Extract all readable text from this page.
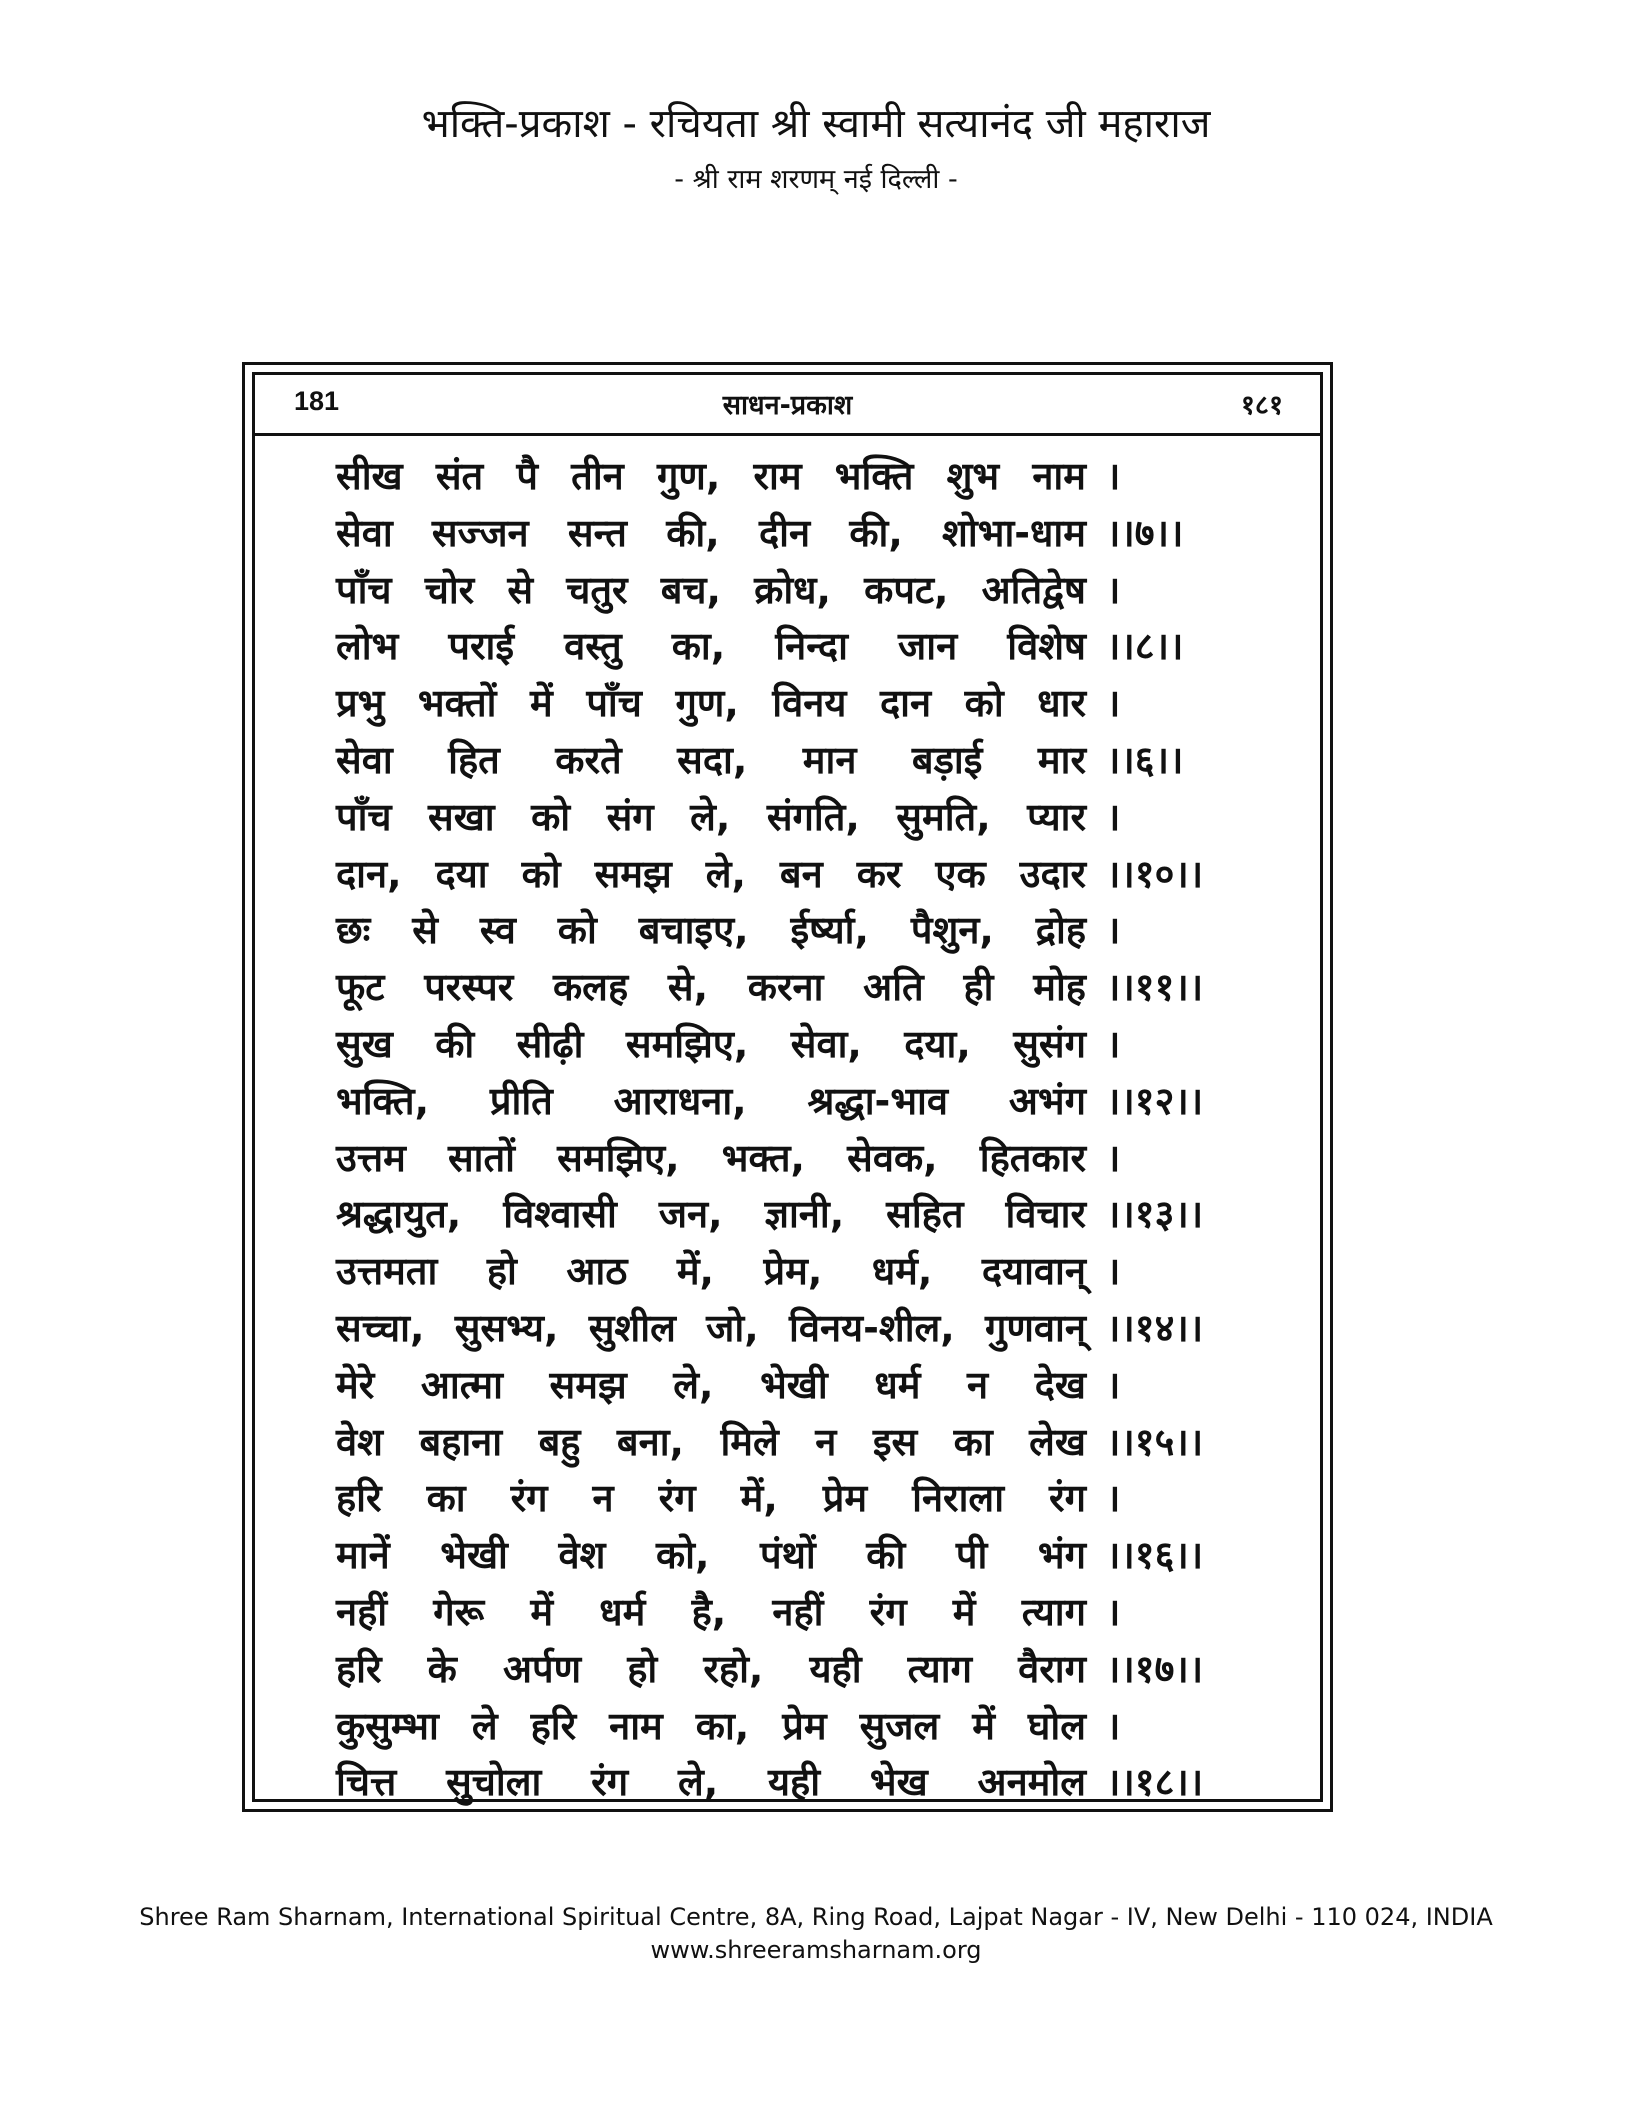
भक्ति-प्रकाश - रचियता श्री स्वामी सत्यानंद जी महाराज
- श्री राम शरणम् नई दिल्ली -
181	साधन-प्रकाश	१८१
सीख संत पै तीन गुण, राम भक्ति शुभ नाम ।
सेवा सज्जन सन्त की, दीन की, शोभा-धाम ।।७।।
पाँच चोर से चतुर बच, क्रोध, कपट, अतिद्वेष ।
लोभ पराई वस्तु का, निन्दा जान विशेष ।।८।।
प्रभु भक्तों में पाँच गुण, विनय दान को धार ।
सेवा हित करते सदा, मान बड़ाई मार ।।६।।
पाँच सखा को संग ले, संगति, सुमति, प्यार ।
दान, दया को समझ ले, बन कर एक उदार ।।१०।।
छः से स्व को बचाइए, ईर्ष्या, पैशुन, द्रोह ।
फूट परस्पर कलह से, करना अति ही मोह ।।११।।
सुख की सीढ़ी समझिए, सेवा, दया, सुसंग ।
भक्ति, प्रीति आराधना, श्रद्धा-भाव अभंग ।।१२।।
उत्तम सातों समझिए, भक्त, सेवक, हितकार ।
श्रद्धायुत, विश्वासी जन, ज्ञानी, सहित विचार ।।१३।।
उत्तमता हो आठ में, प्रेम, धर्म, दयावान् ।
सच्चा, सुसभ्य, सुशील जो, विनय-शील, गुणवान् ।।१४।।
मेरे आत्मा समझ ले, भेखी धर्म न देख ।
वेश बहाना बहु बना, मिले न इस का लेख ।।१५।।
हरि का रंग न रंग में, प्रेम निराला रंग ।
मानें भेखी वेश को, पंथों की पी भंग ।।१६।।
नहीं गेरू में धर्म है, नहीं रंग में त्याग ।
हरि के अर्पण हो रहो, यही त्याग वैराग ।।१७।।
कुसुम्भा ले हरि नाम का, प्रेम सुजल में घोल ।
चित्त सुचोला रंग ले, यही भेख अनमोल ।।१८।।
Shree Ram Sharnam, International Spiritual Centre, 8A, Ring Road, Lajpat Nagar - IV, New Delhi - 110 024, INDIA
www.shreeramsharnam.org
